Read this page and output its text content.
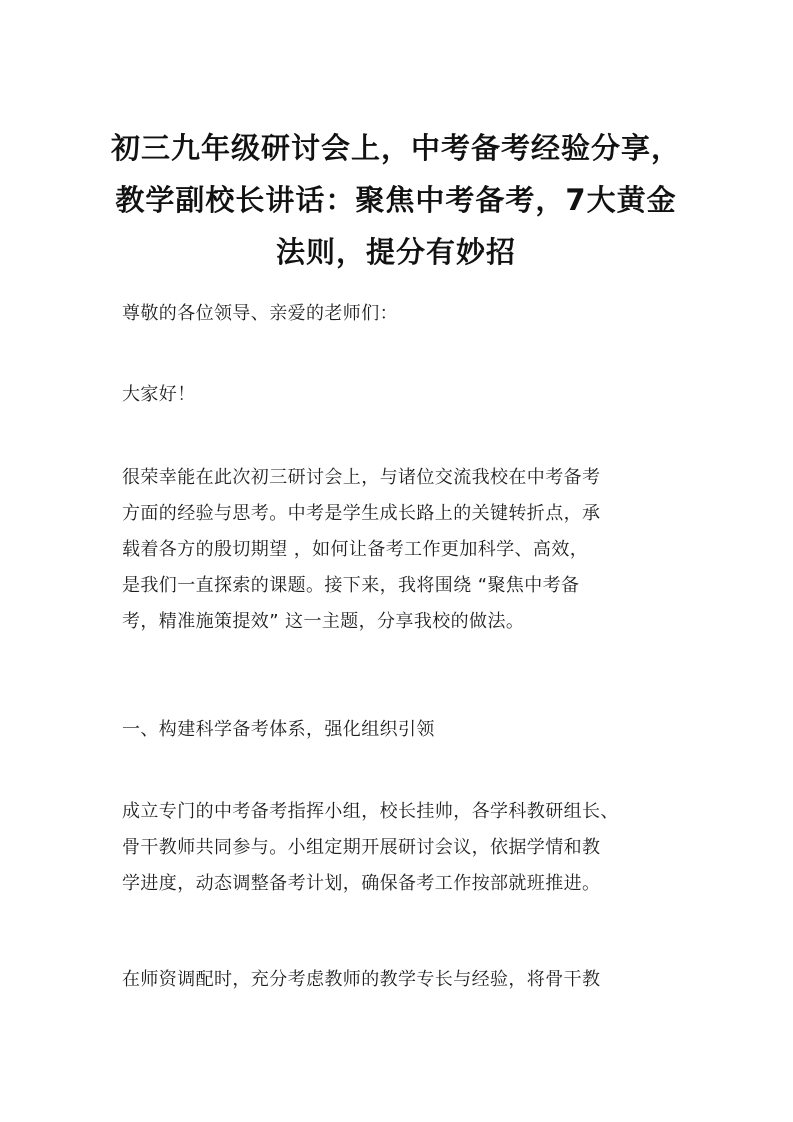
初三九年级研讨会上，中考备考经验分享，
教学副校长讲话：聚焦中考备考，7大黄金
法则，提分有妙招

尊敬的各位领导、亲爱的老师们：

大家好！

很荣幸能在此次初三研讨会上，与诸位交流我校在中考备考
方面的经验与思考。中考是学生成长路上的关键转折点，承
载着各方的殷切期望 ，如何让备考工作更加科学、高效，
是我们一直探索的课题。接下来，我将围绕 “聚焦中考备
考，精准施策提效” 这一主题，分享我校的做法。

一、构建科学备考体系，强化组织引领

成立专门的中考备考指挥小组，校长挂帅，各学科教研组长、
骨干教师共同参与。小组定期开展研讨会议，依据学情和教
学进度，动态调整备考计划，确保备考工作按部就班推进。

在师资调配时，充分考虑教师的教学专长与经验，将骨干教
